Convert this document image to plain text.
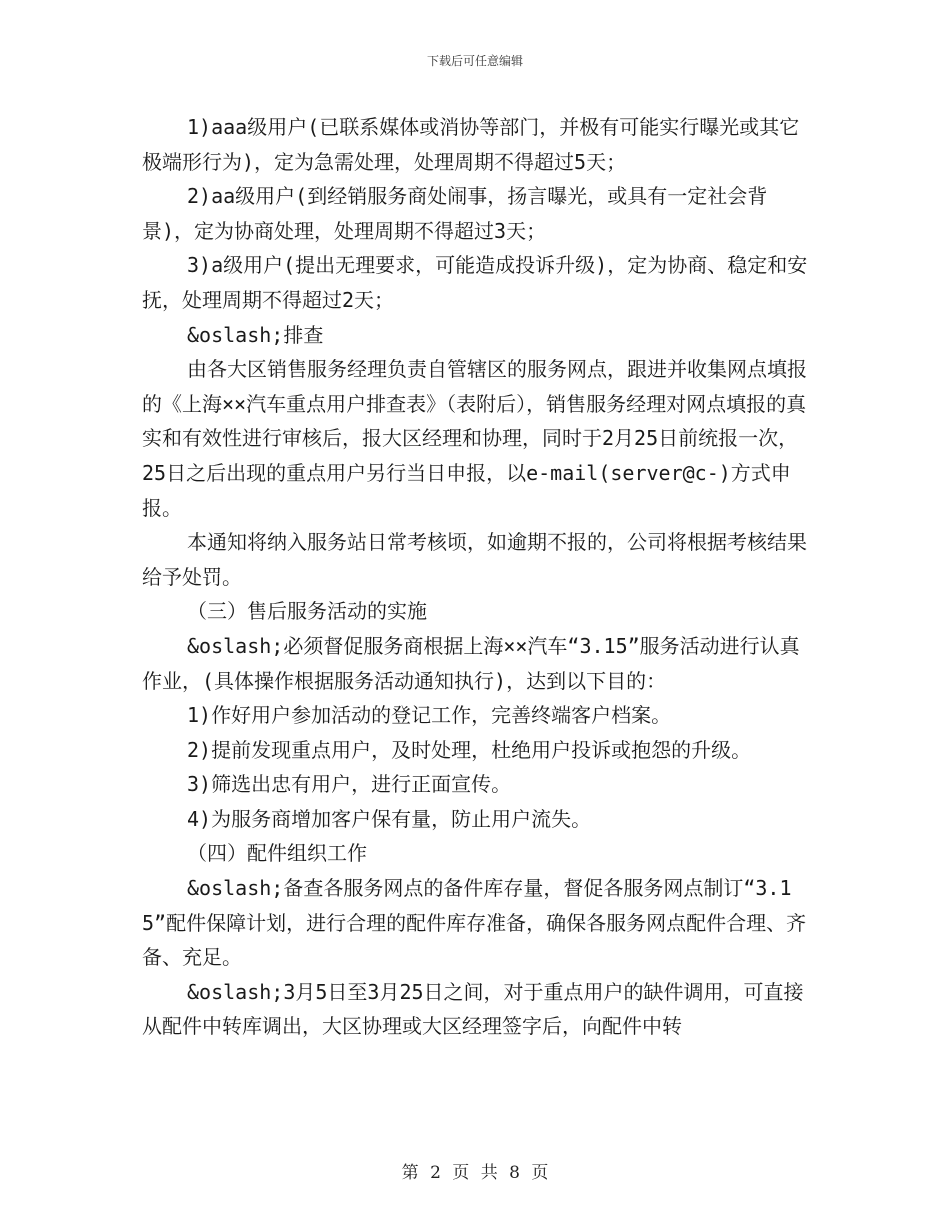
下载后可任意编辑

1)aaa级用户(已联系媒体或消协等部门，并极有可能实行曝光或其它极端形行为)，定为急需处理，处理周期不得超过5天；

2)aa级用户(到经销服务商处闹事，扬言曝光，或具有一定社会背景)，定为协商处理，处理周期不得超过3天；

3)a级用户(提出无理要求，可能造成投诉升级)，定为协商、稳定和安抚，处理周期不得超过2天；

&oslash;排查

由各大区销售服务经理负责自管辖区的服务网点，跟进并收集网点填报的《上海××汽车重点用户排查表》（表附后），销售服务经理对网点填报的真实和有效性进行审核后，报大区经理和协理，同时于2月25日前统报一次，25日之后出现的重点用户另行当日申报，以e-mail(server@c-)方式申报。

本通知将纳入服务站日常考核顷，如逾期不报的，公司将根据考核结果给予处罚。

（三）售后服务活动的实施

&oslash;必须督促服务商根据上海××汽车“3.15”服务活动进行认真作业，(具体操作根据服务活动通知执行)，达到以下目的：

1)作好用户参加活动的登记工作，完善终端客户档案。

2)提前发现重点用户，及时处理，杜绝用户投诉或抱怨的升级。

3)筛选出忠有用户，进行正面宣传。

4)为服务商增加客户保有量，防止用户流失。

（四）配件组织工作

&oslash;备查各服务网点的备件库存量，督促各服务网点制订“3.15”配件保障计划，进行合理的配件库存准备，确保各服务网点配件合理、齐备、充足。

&oslash;3月5日至3月25日之间，对于重点用户的缺件调用，可直接从配件中转库调出，大区协理或大区经理签字后，向配件中转

第 2 页 共 8 页
